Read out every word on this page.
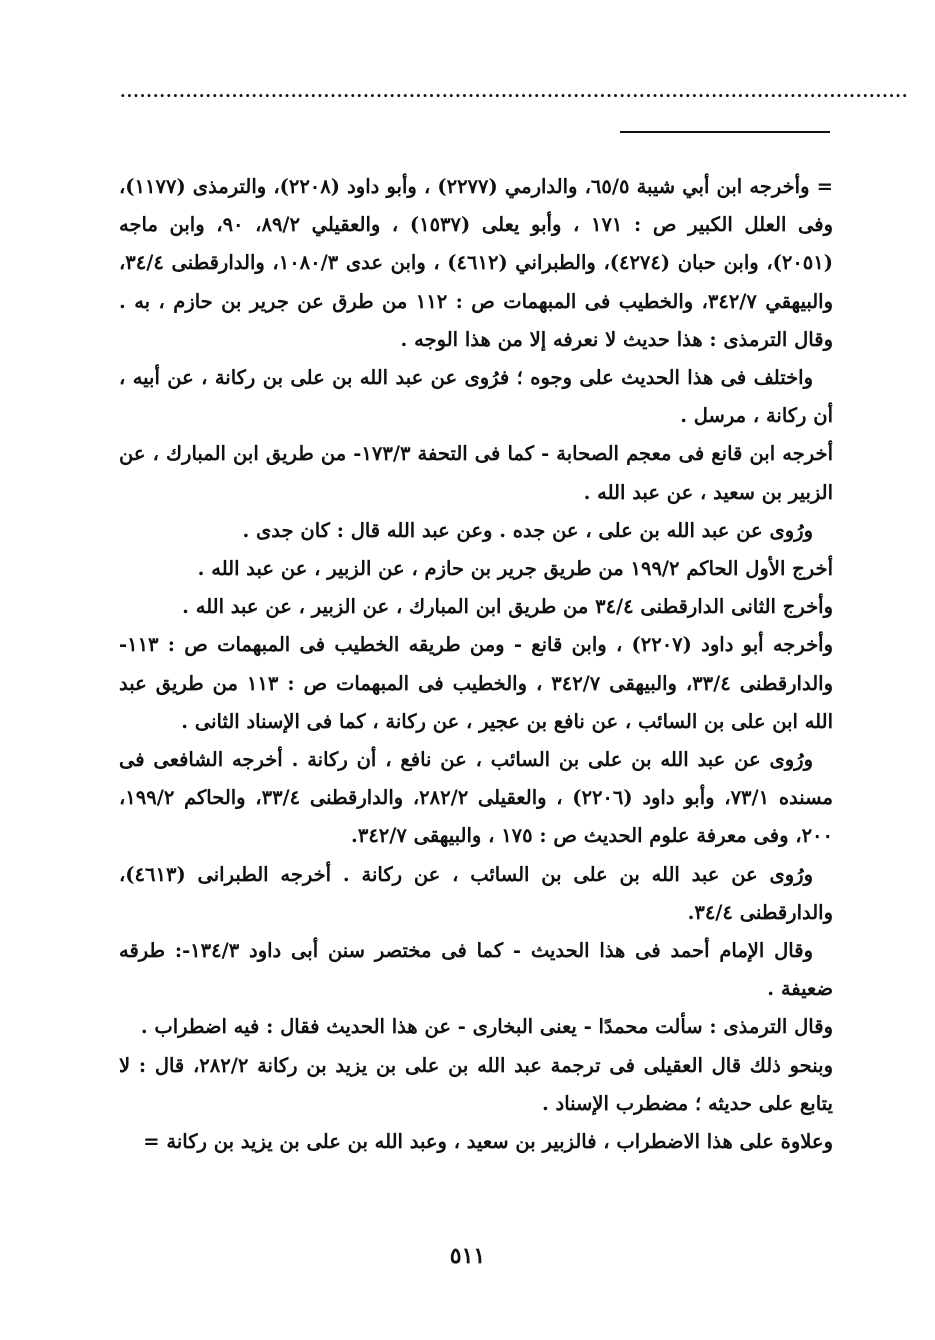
........................................................................................................................

= وأخرجه ابن أبي شيبة ٦٥/٥، والدارمي (٢٢٧٧) ، وأبو داود (٢٢٠٨)، والترمذى (١١٧٧)، وفى العلل الكبير ص : ١٧١ ، وأبو يعلى (١٥٣٧) ، والعقيلي ٨٩/٢، ٩٠، وابن ماجه (٢٠٥١)، وابن حبان (٤٢٧٤)، والطبراني (٤٦١٢) ، وابن عدى ١٠٨٠/٣، والدارقطنى ٣٤/٤، والبيهقي ٣٤٢/٧، والخطيب فى المبهمات ص : ١١٢ من طرق عن جرير بن حازم ، به . وقال الترمذى : هذا حديث لا نعرفه إلا من هذا الوجه .

واختلف فى هذا الحديث على وجوه ؛ فرُوى عن عبد الله بن على بن ركانة ، عن أبيه ، أن ركانة ، مرسل .

أخرجه ابن قانع فى معجم الصحابة - كما فى التحفة ١٧٣/٣- من طريق ابن المبارك ، عن الزبير بن سعيد ، عن عبد الله .

ورُوى عن عبد الله بن على ، عن جده . وعن عبد الله قال : كان جدى .

أخرج الأول الحاكم ١٩٩/٢ من طريق جرير بن حازم ، عن الزبير ، عن عبد الله .

وأخرج الثانى الدارقطنى ٣٤/٤ من طريق ابن المبارك ، عن الزبير ، عن عبد الله .

وأخرجه أبو داود (٢٢٠٧) ، وابن قانع - ومن طريقه الخطيب فى المبهمات ص : ١١٣- والدارقطنى ٣٣/٤، والبيهقى ٣٤٢/٧ ، والخطيب فى المبهمات ص : ١١٣ من طريق عبد الله ابن على بن السائب ، عن نافع بن عجير ، عن ركانة ، كما فى الإسناد الثانى .

ورُوى عن عبد الله بن على بن السائب ، عن نافع ، أن ركانة . أخرجه الشافعى فى مسنده ٧٣/١، وأبو داود (٢٢٠٦) ، والعقيلى ٢٨٢/٢، والدارقطنى ٣٣/٤، والحاكم ١٩٩/٢، ٢٠٠، وفى معرفة علوم الحديث ص : ١٧٥ ، والبيهقى ٣٤٢/٧.

ورُوى عن عبد الله بن على بن السائب ، عن ركانة . أخرجه الطبرانى (٤٦١٣)، والدارقطنى ٣٤/٤.

وقال الإمام أحمد فى هذا الحديث - كما فى مختصر سنن أبى داود ١٣٤/٣-: طرقه ضعيفة .

وقال الترمذى : سألت محمدًا - يعنى البخارى - عن هذا الحديث فقال : فيه اضطراب .

وبنحو ذلك قال العقيلى فى ترجمة عبد الله بن على بن يزيد بن ركانة ٢٨٢/٢، قال : لا يتابع على حديثه ؛ مضطرب الإسناد .

وعلاوة على هذا الاضطراب ، فالزبير بن سعيد ، وعبد الله بن على بن يزيد بن ركانة =

٥١١
